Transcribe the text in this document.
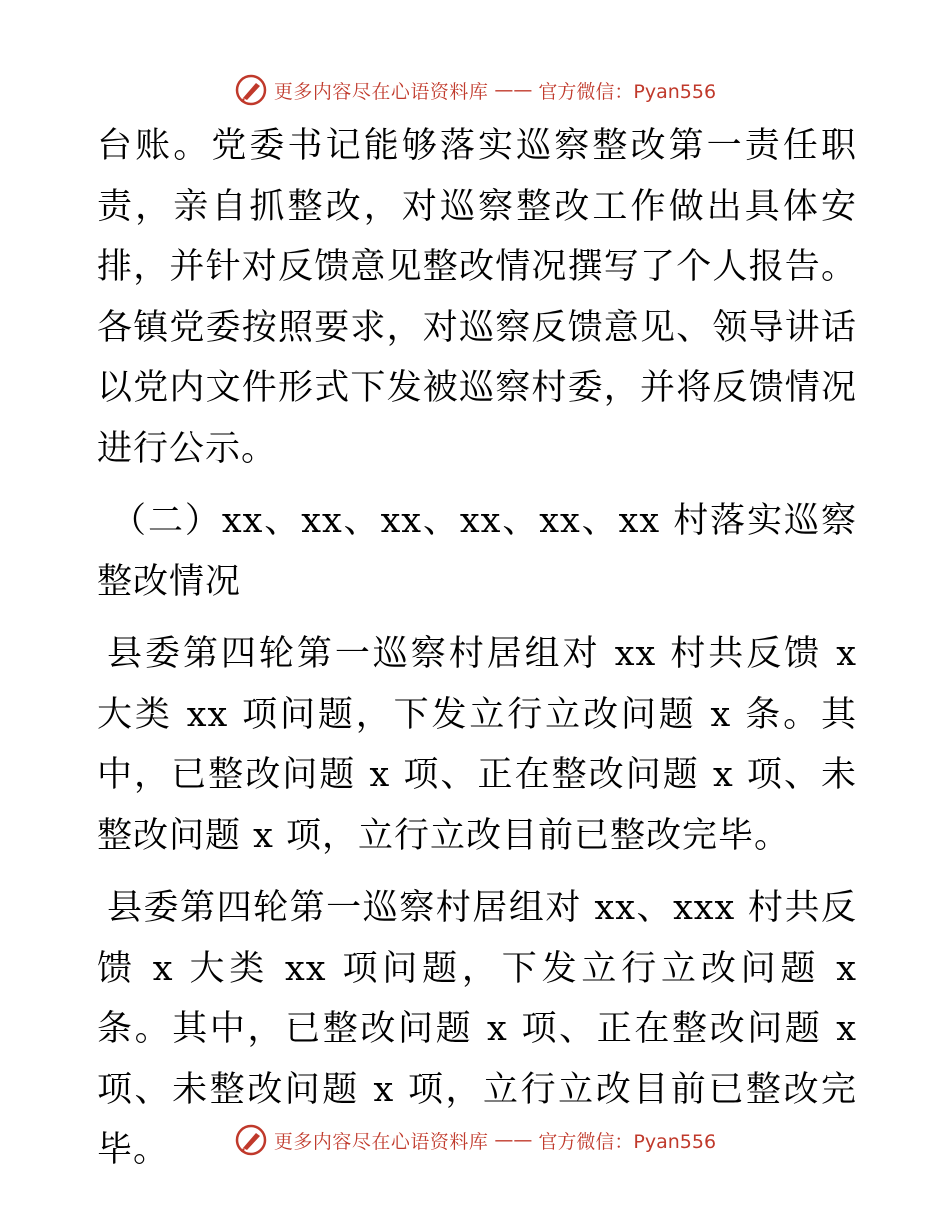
更多内容尽在心语资料库 —— 官方微信：Pyan556

台账。党委书记能够落实巡察整改第一责任职责，亲自抓整改，对巡察整改工作做出具体安排，并针对反馈意见整改情况撰写了个人报告。各镇党委按照要求，对巡察反馈意见、领导讲话以党内文件形式下发被巡察村委，并将反馈情况进行公示。

（二）xx、xx、xx、xx、xx、xx 村落实巡察整改情况

县委第四轮第一巡察村居组对 xx 村共反馈 x 大类 xx 项问题，下发立行立改问题 x 条。其中，已整改问题 x 项、正在整改问题 x 项、未整改问题 x 项，立行立改目前已整改完毕。

县委第四轮第一巡察村居组对 xx、xxx 村共反馈 x 大类 xx 项问题，下发立行立改问题 x 条。其中，已整改问题 x 项、正在整改问题 x 项、未整改问题 x 项，立行立改目前已整改完毕。	更多内容尽在心语资料库 —— 官方微信：Pyan556
